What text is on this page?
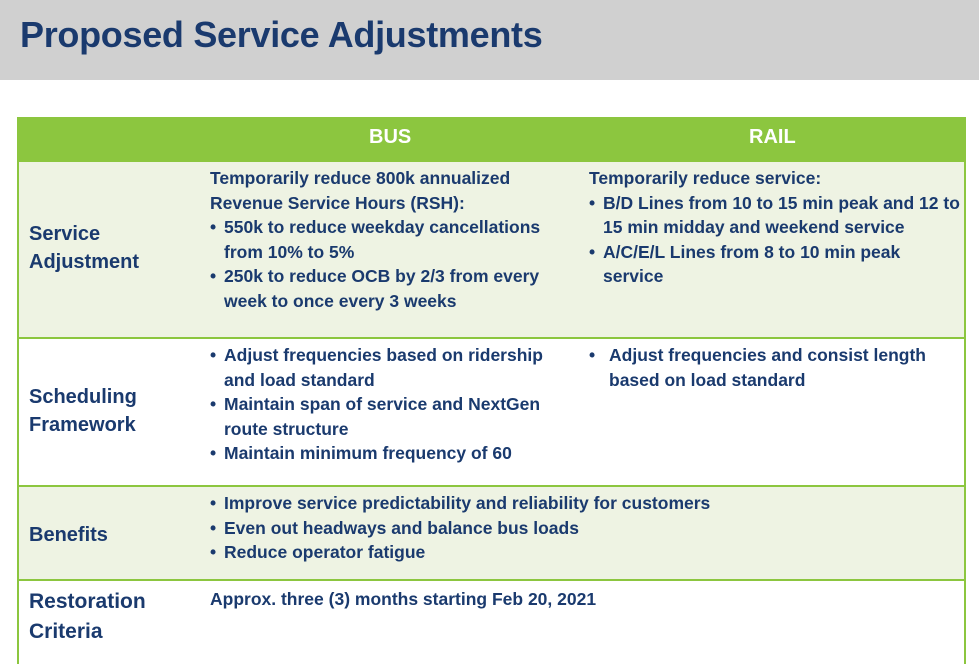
Proposed Service Adjustments
BUS	RAIL
Service
Adjustment
Temporarily reduce 800k annualized Revenue Service Hours (RSH):
• 550k to reduce weekday cancellations from 10% to 5%
• 250k to reduce OCB by 2/3 from every week to once every 3 weeks
Temporarily reduce service:
• B/D Lines from 10 to 15 min peak and 12 to 15 min midday and weekend service
• A/C/E/L Lines from 8 to 10 min peak service
Scheduling
Framework
• Adjust frequencies based on ridership and load standard
• Maintain span of service and NextGen route structure
• Maintain minimum frequency of 60
• Adjust frequencies and consist length based on load standard
Benefits
• Improve service predictability and reliability for customers
• Even out headways and balance bus loads
• Reduce operator fatigue
Restoration
Criteria
Approx. three (3) months starting Feb 20, 2021
